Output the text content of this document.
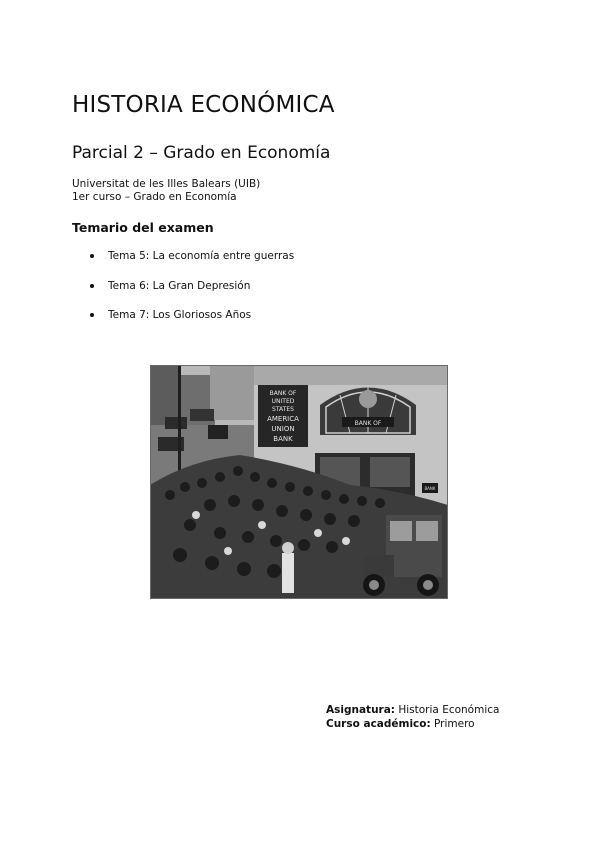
HISTORIA ECONÓMICA
Parcial 2 – Grado en Economía

Universitat de les Illes Balears (UIB)

1er curso – Grado en Economía

Temario del examen
Tema 5: La economía entre guerras
Tema 6: La Gran Depresión
Tema 7: Los Gloriosos Años
BANK OF
UNITED
STATES
AMERICA
UNION
BANK
BANK OF
BANK

Asignatura: Historia Económica

Curso académico: Primero
